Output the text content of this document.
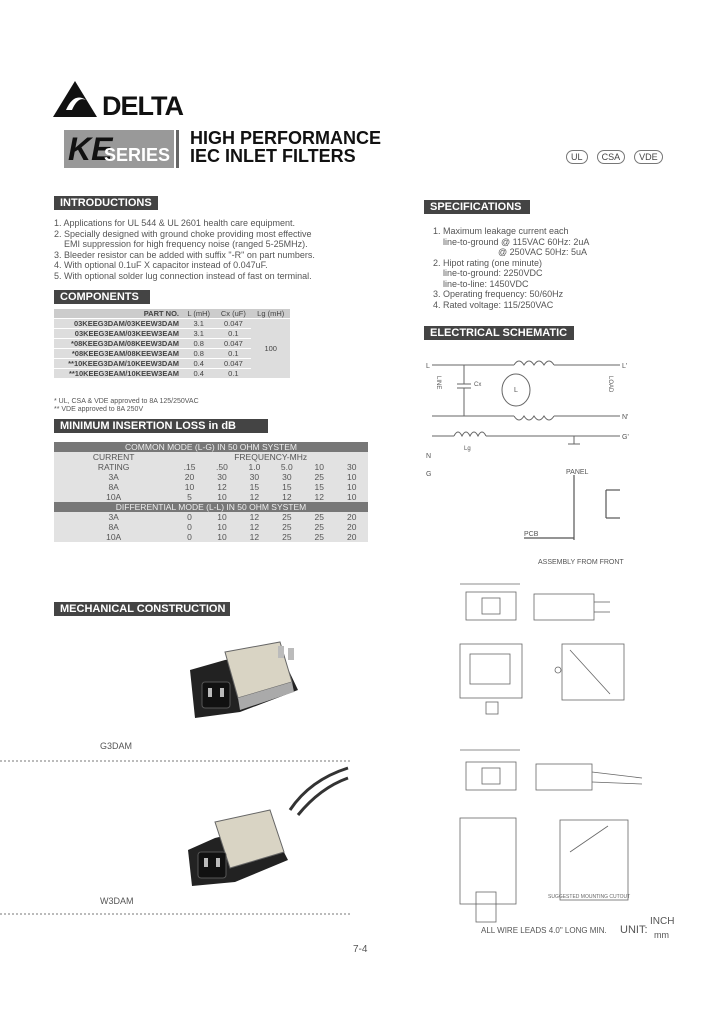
DELTA
KE
SERIES
HIGH PERFORMANCE
IEC INLET FILTERS	UL CSA VDE
INTRODUCTIONS
1. Applications for UL 544 & UL 2601 health care equipment.
2. Specially designed with ground choke providing most effective
EMI suppression for high frequency noise (ranged 5-25MHz).
3. Bleeder resistor can be added with suffix "-R" on part numbers.
4. With optional 0.1uF X capacitor instead of 0.047uF.
5. With optional solder lug connection instead of fast on terminal.
COMPONENTS
PART NO.	L (mH)	Cx (uF)	Lg (mH)
03KEEG3DAM/03KEEW3DAM	3.1	0.047	100
03KEEG3EAM/03KEEW3EAM	3.1	0.1	
*08KEEG3DAM/08KEEW3DAM	0.8	0.047	
*08KEEG3EAM/08KEEW3EAM	0.8	0.1	
**10KEEG3DAM/10KEEW3DAM	0.4	0.047	
**10KEEG3EAM/10KEEW3EAM	0.4	0.1	
* UL, CSA & VDE approved to 8A 125/250VAC
** VDE approved to 8A 250V
MINIMUM INSERTION LOSS in dB
COMMON MODE (L-G) IN 50 OHM SYSTEM						
CURRENT	FREQUENCY-MHz					
RATING	.15	.50	1.0	5.0	10	30
3A	20	30	30	30	25	10
8A	10	12	15	15	15	10
10A	5	10	12	12	12	10
DIFFERENTIAL MODE (L-L) IN 50 OHM SYSTEM						
3A	0	10	12	25	25	20
8A	0	10	12	25	25	20
10A	0	10	12	25	25	20
MECHANICAL CONSTRUCTION
G3DAM
W3DAM
SPECIFICATIONS
1. Maximum leakage current each
line-to-ground @ 115VAC 60Hz: 2uA
@ 250VAC 50Hz: 5uA
2. Hipot rating (one minute)
line-to-ground: 2250VDC
line-to-line: 1450VDC
3. Operating frequency: 50/60Hz
4. Rated voltage: 115/250VAC
ELECTRICAL SCHEMATIC
L	L'
N'
G'
N
G
LINE	LOAD
Cx
L
Lg
PANEL
PCB
ASSEMBLY FROM FRONT
SUGGESTED MOUNTING CUTOUT
ALL WIRE LEADS 4.0" LONG MIN. UNIT:
INCH
mm
7-4
